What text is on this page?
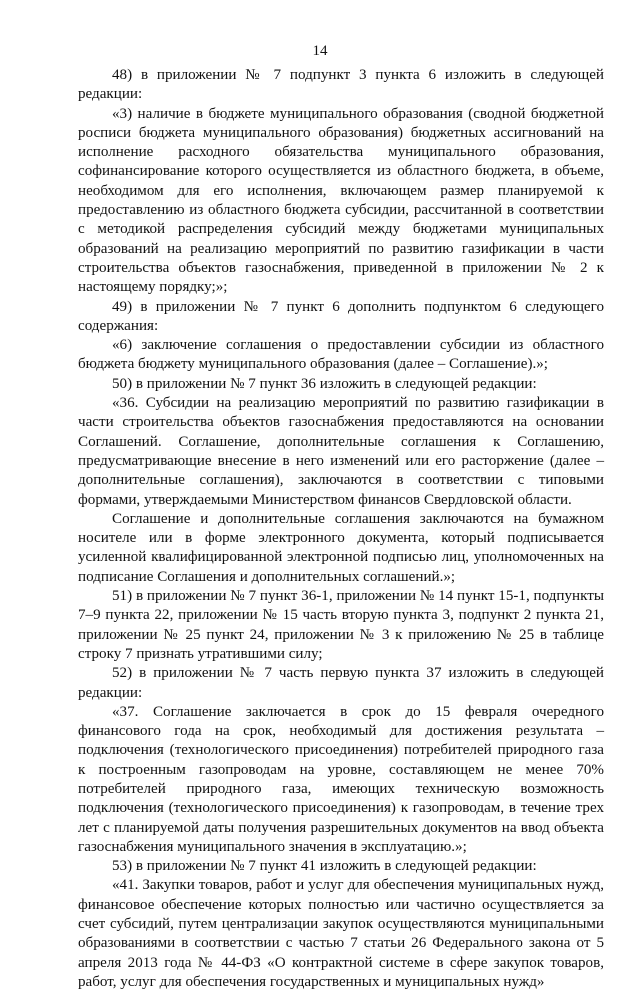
14

48) в приложении № 7 подпункт 3 пункта 6 изложить в следующей редакции:

«3) наличие в бюджете муниципального образования (сводной бюджетной росписи бюджета муниципального образования) бюджетных ассигнований на исполнение расходного обязательства муниципального образования, софинансирование которого осуществляется из областного бюджета, в объеме, необходимом для его исполнения, включающем размер планируемой к предоставлению из областного бюджета субсидии, рассчитанной в соответствии с методикой распределения субсидий между бюджетами муниципальных образований на реализацию мероприятий по развитию газификации в части строительства объектов газоснабжения, приведенной в приложении № 2 к настоящему порядку;»;

49) в приложении № 7 пункт 6 дополнить подпунктом 6 следующего содержания:

«6) заключение соглашения о предоставлении субсидии из областного бюджета бюджету муниципального образования (далее – Соглашение).»;

50) в приложении № 7 пункт 36 изложить в следующей редакции:

«36. Субсидии на реализацию мероприятий по развитию газификации в части строительства объектов газоснабжения предоставляются на основании Соглашений. Соглашение, дополнительные соглашения к Соглашению, предусматривающие внесение в него изменений или его расторжение (далее – дополнительные соглашения), заключаются в соответствии с типовыми формами, утверждаемыми Министерством финансов Свердловской области.

Соглашение и дополнительные соглашения заключаются на бумажном носителе или в форме электронного документа, который подписывается усиленной квалифицированной электронной подписью лиц, уполномоченных на подписание Соглашения и дополнительных соглашений.»;

51) в приложении № 7 пункт 36-1, приложении № 14 пункт 15-1, подпункты 7–9 пункта 22, приложении № 15 часть вторую пункта 3, подпункт 2 пункта 21, приложении № 25 пункт 24, приложении № 3 к приложению № 25 в таблице строку 7 признать утратившими силу;

52) в приложении № 7 часть первую пункта 37 изложить в следующей редакции:

«37. Соглашение заключается в срок до 15 февраля очередного финансового года на срок, необходимый для достижения результата – подключения (технологического присоединения) потребителей природного газа к построенным газопроводам на уровне, составляющем не менее 70% потребителей природного газа, имеющих техническую возможность подключения (технологического присоединения) к газопроводам, в течение трех лет с планируемой даты получения разрешительных документов на ввод объекта газоснабжения муниципального значения в эксплуатацию.»;

53) в приложении № 7 пункт 41 изложить в следующей редакции:

«41. Закупки товаров, работ и услуг для обеспечения муниципальных нужд, финансовое обеспечение которых полностью или частично осуществляется за счет субсидий, путем централизации закупок осуществляются муниципальными образованиями в соответствии с частью 7 статьи 26 Федерального закона от 5 апреля 2013 года № 44-ФЗ «О контрактной системе в сфере закупок товаров, работ, услуг для обеспечения государственных и муниципальных нужд»
